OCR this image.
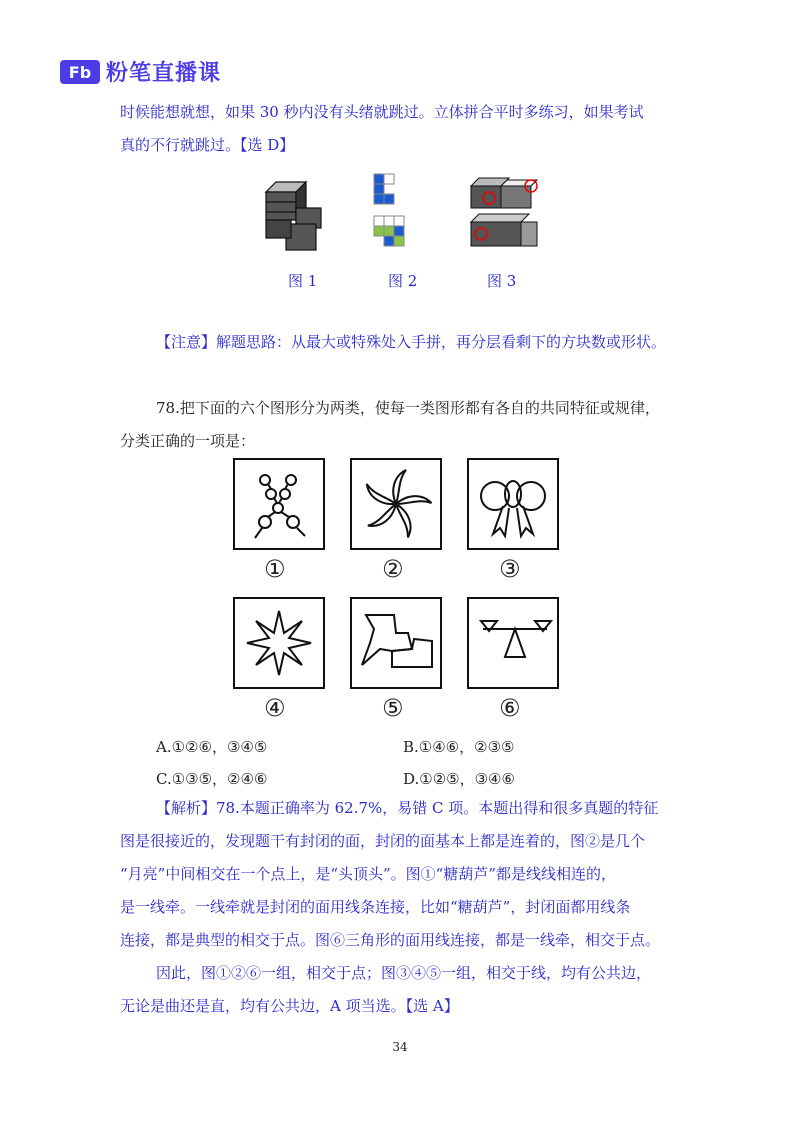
Fb 粉笔直播课
时候能想就想，如果 30 秒内没有头绪就跳过。立体拼合平时多练习，如果考试
真的不行就跳过。【选 D】
图 1	图 2	图 3
【注意】解题思路：从最大或特殊处入手拼，再分层看剩下的方块数或形状。
78.把下面的六个图形分为两类，使每一类图形都有各自的共同特征或规律，
分类正确的一项是：
①	②	③
④	⑤	⑥
A.①②⑥，③④⑤	B.①④⑥，②③⑤
C.①③⑤，②④⑥	D.①②⑤，③④⑥
【解析】78.本题正确率为 62.7%，易错 C 项。本题出得和很多真题的特征
图是很接近的，发现题干有封闭的面，封闭的面基本上都是连着的，图②是几个
“月亮”中间相交在一个点上，是“头顶头”。图①“糖葫芦”都是线线相连的，
是一线牵。一线牵就是封闭的面用线条连接，比如“糖葫芦”，封闭面都用线条
连接，都是典型的相交于点。图⑥三角形的面用线连接，都是一线牵，相交于点。
因此，图①②⑥一组，相交于点；图③④⑤一组，相交于线，均有公共边，
无论是曲还是直，均有公共边，A 项当选。【选 A】
34
